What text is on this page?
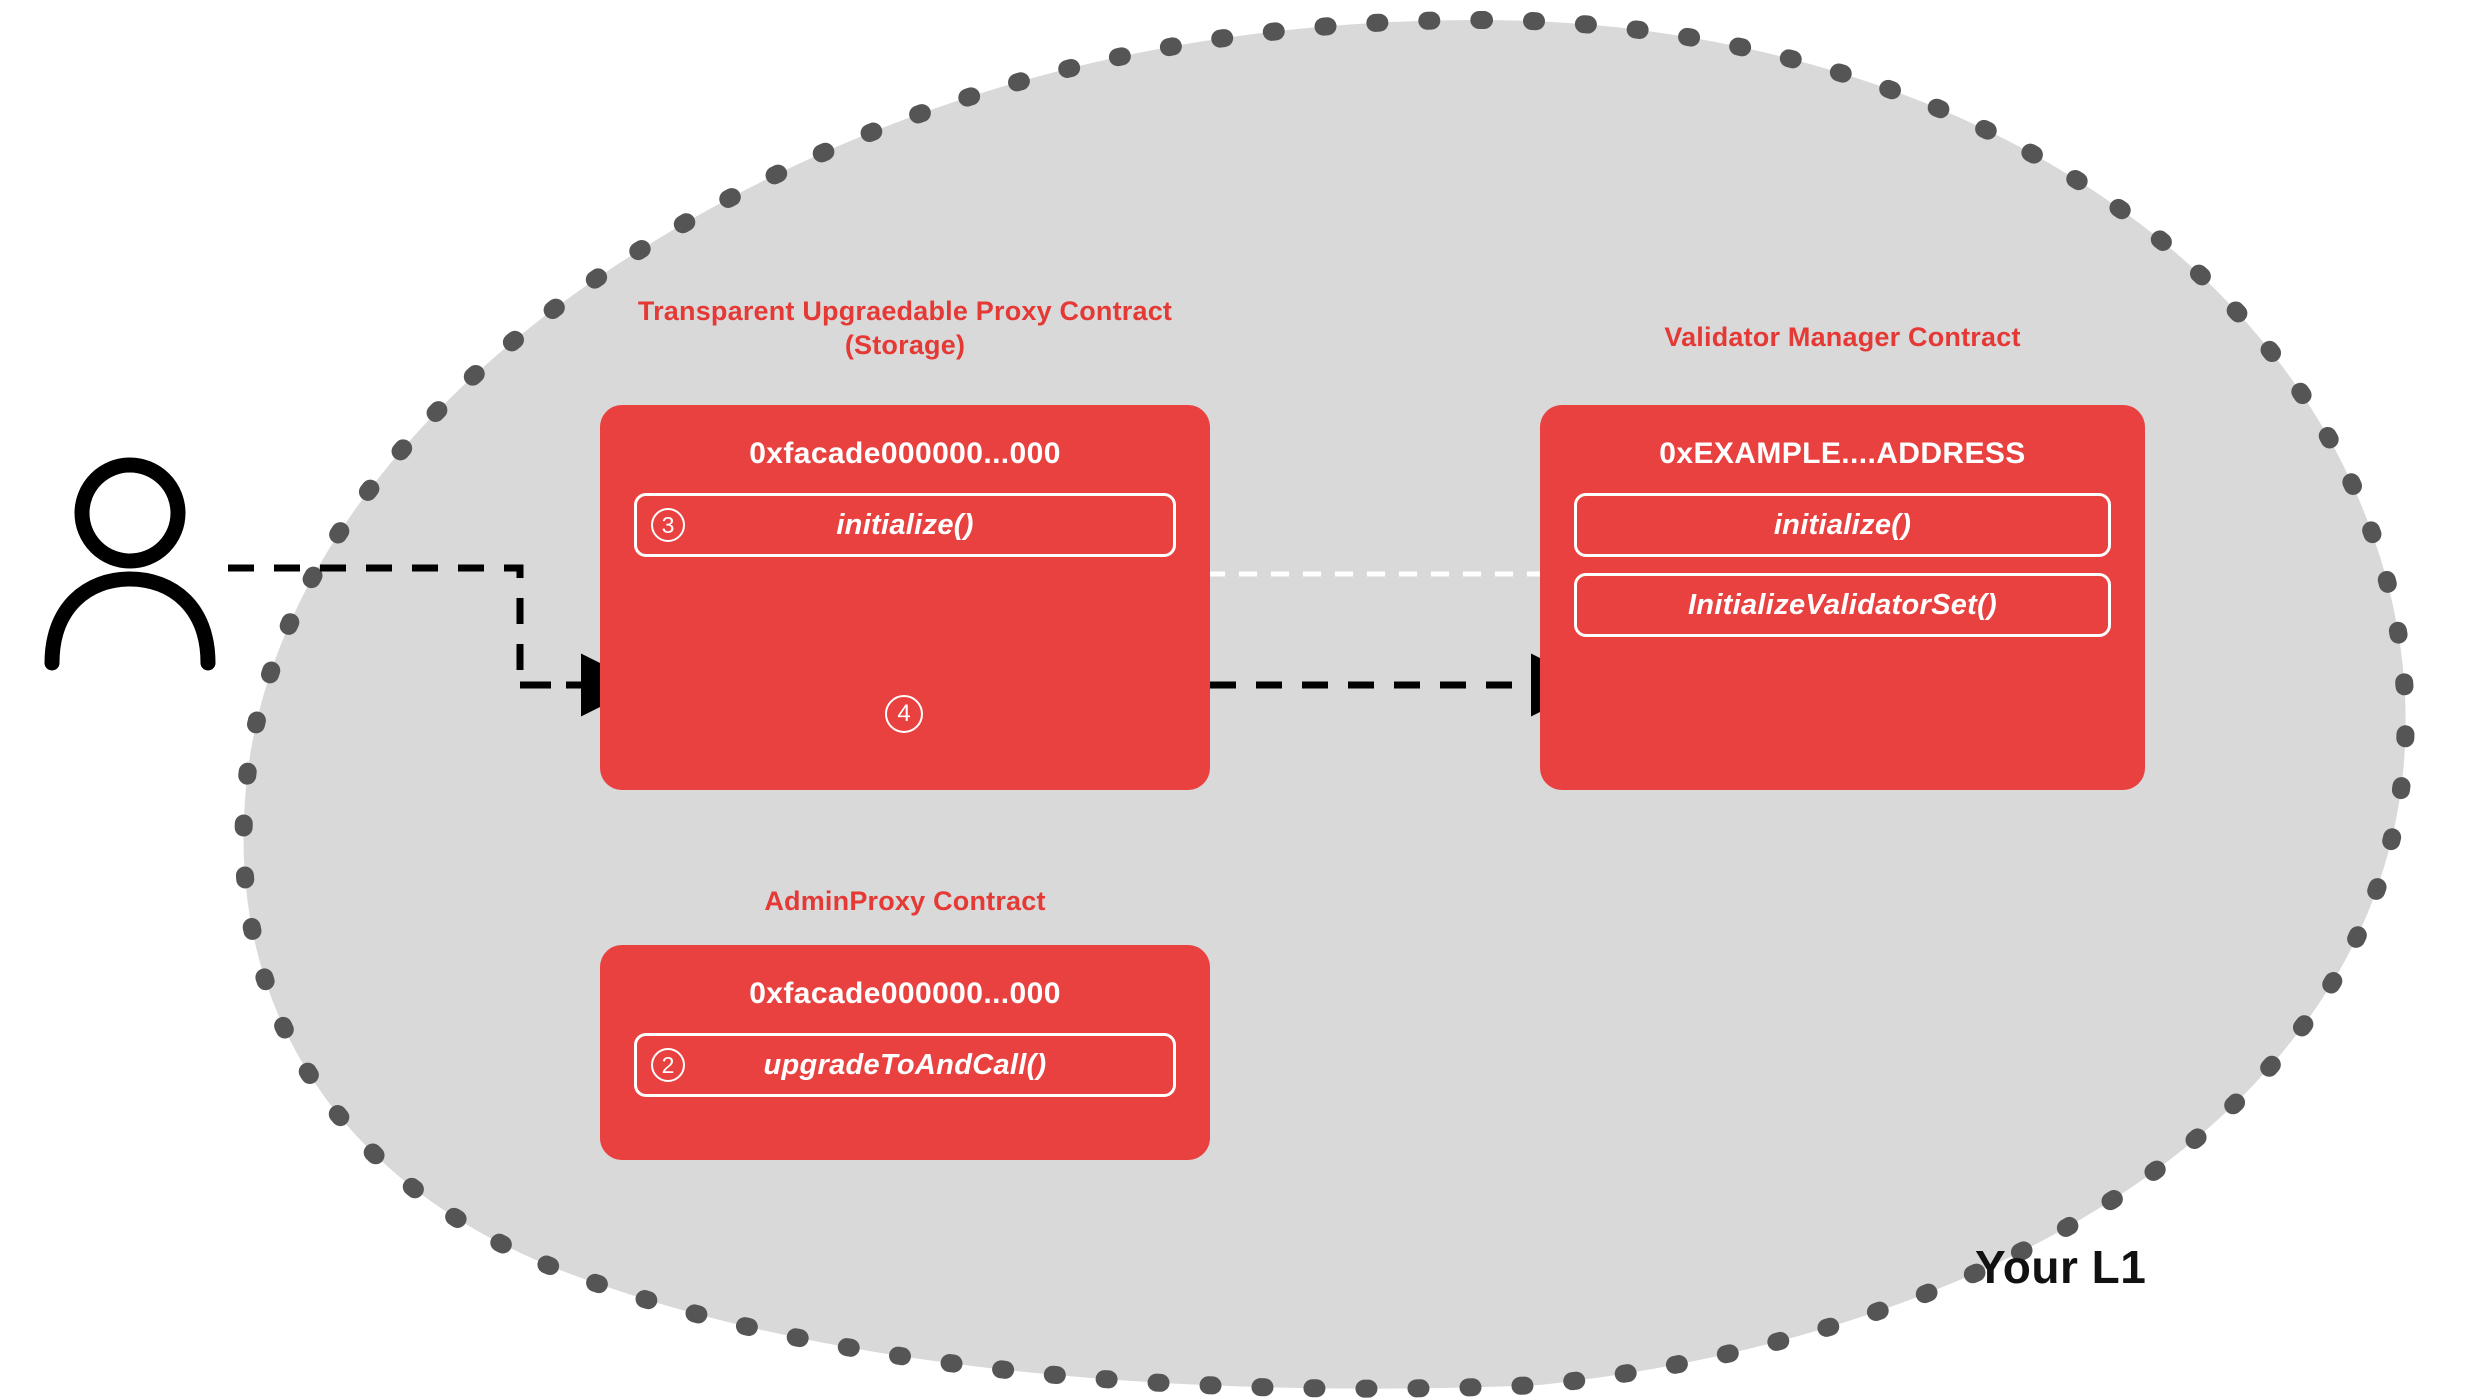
Transparent Upgraedable Proxy Contract (Storage)
0xfacade000000...000
3	initialize()
4
Validator Manager Contract
0xEXAMPLE....ADDRESS
initialize()
InitializeValidatorSet()
AdminProxy Contract
0xfacade000000...000
2	upgradeToAndCall()
Your L1
